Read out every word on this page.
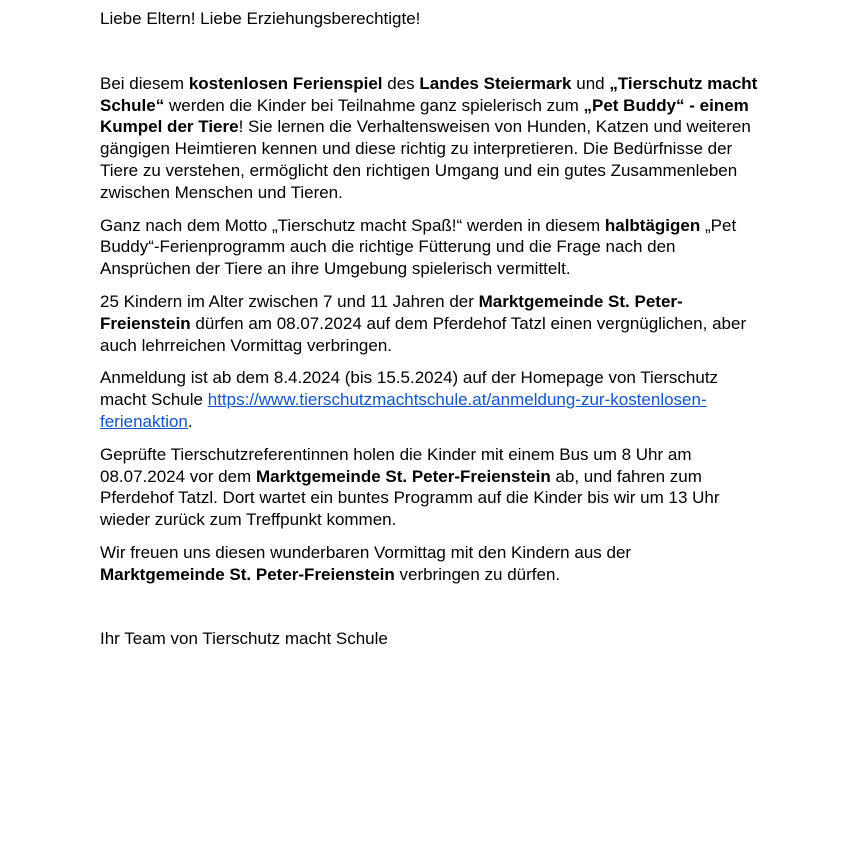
Liebe Eltern! Liebe Erziehungsberechtigte!

Bei diesem kostenlosen Ferienspiel des Landes Steiermark und „Tierschutz macht Schule“ werden die Kinder bei Teilnahme ganz spielerisch zum „Pet Buddy“ - einem Kumpel der Tiere! Sie lernen die Verhaltensweisen von Hunden, Katzen und weiteren gängigen Heimtieren kennen und diese richtig zu interpretieren. Die Bedürfnisse der Tiere zu verstehen, ermöglicht den richtigen Umgang und ein gutes Zusammenleben zwischen Menschen und Tieren.

Ganz nach dem Motto „Tierschutz macht Spaß!“ werden in diesem halbtägigen „Pet Buddy“-Ferienprogramm auch die richtige Fütterung und die Frage nach den Ansprüchen der Tiere an ihre Umgebung spielerisch vermittelt.

25 Kindern im Alter zwischen 7 und 11 Jahren der Marktgemeinde St. Peter-Freienstein dürfen am 08.07.2024 auf dem Pferdehof Tatzl einen vergnüglichen, aber auch lehrreichen Vormittag verbringen.

Anmeldung ist ab dem 8.4.2024 (bis 15.5.2024) auf der Homepage von Tierschutz macht Schule https://www.tierschutzmachtschule.at/anmeldung-zur-kostenlosen-ferienaktion.

Geprüfte Tierschutzreferentinnen holen die Kinder mit einem Bus um 8 Uhr am 08.07.2024 vor dem Marktgemeinde St. Peter-Freienstein ab, und fahren zum Pferdehof Tatzl. Dort wartet ein buntes Programm auf die Kinder bis wir um 13 Uhr wieder zurück zum Treffpunkt kommen.

Wir freuen uns diesen wunderbaren Vormittag mit den Kindern aus der Marktgemeinde St. Peter-Freienstein verbringen zu dürfen.

Ihr Team von Tierschutz macht Schule
